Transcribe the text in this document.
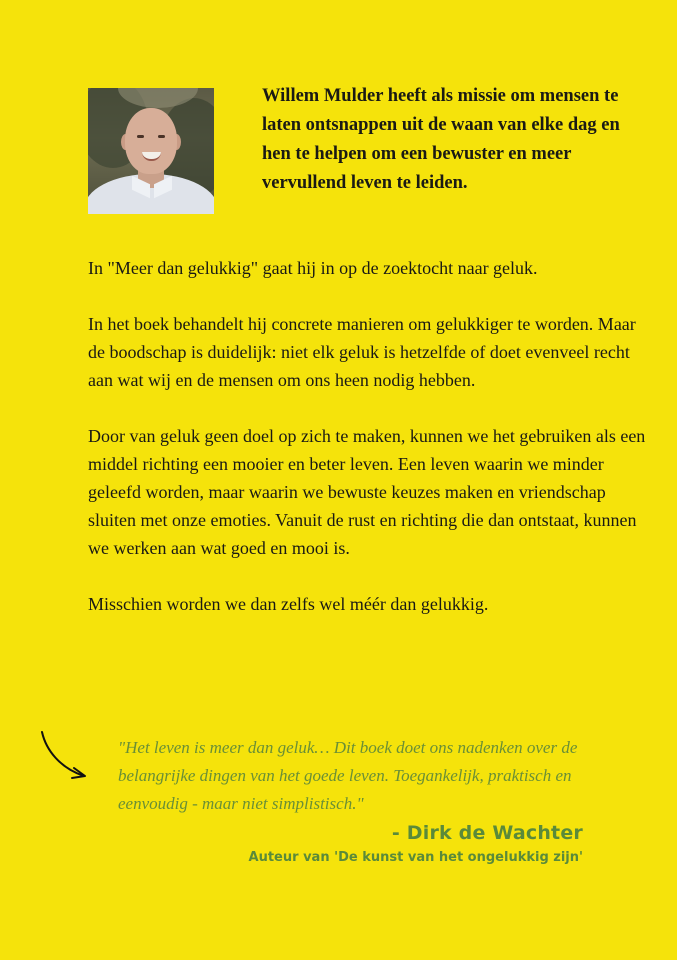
Willem Mulder heeft als missie om mensen te laten ontsnappen uit de waan van elke dag en hen te helpen om een bewuster en meer vervullend leven te leiden.

In "Meer dan gelukkig" gaat hij in op de zoektocht naar geluk.

In het boek behandelt hij concrete manieren om gelukkiger te worden. Maar de boodschap is duidelijk: niet elk geluk is hetzelfde of doet evenveel recht aan wat wij en de mensen om ons heen nodig hebben.

Door van geluk geen doel op zich te maken, kunnen we het gebruiken als een middel richting een mooier en beter leven. Een leven waarin we minder geleefd worden, maar waarin we bewuste keuzes maken en vriendschap sluiten met onze emoties. Vanuit de rust en richting die dan ontstaat, kunnen we werken aan wat goed en mooi is.

Misschien worden we dan zelfs wel méér dan gelukkig.

"Het leven is meer dan geluk… Dit boek doet ons nadenken over de belangrijke dingen van het goede leven. Toegankelijk, praktisch en eenvoudig - maar niet simplistisch."

- Dirk de Wachter

Auteur van 'De kunst van het ongelukkig zijn'
